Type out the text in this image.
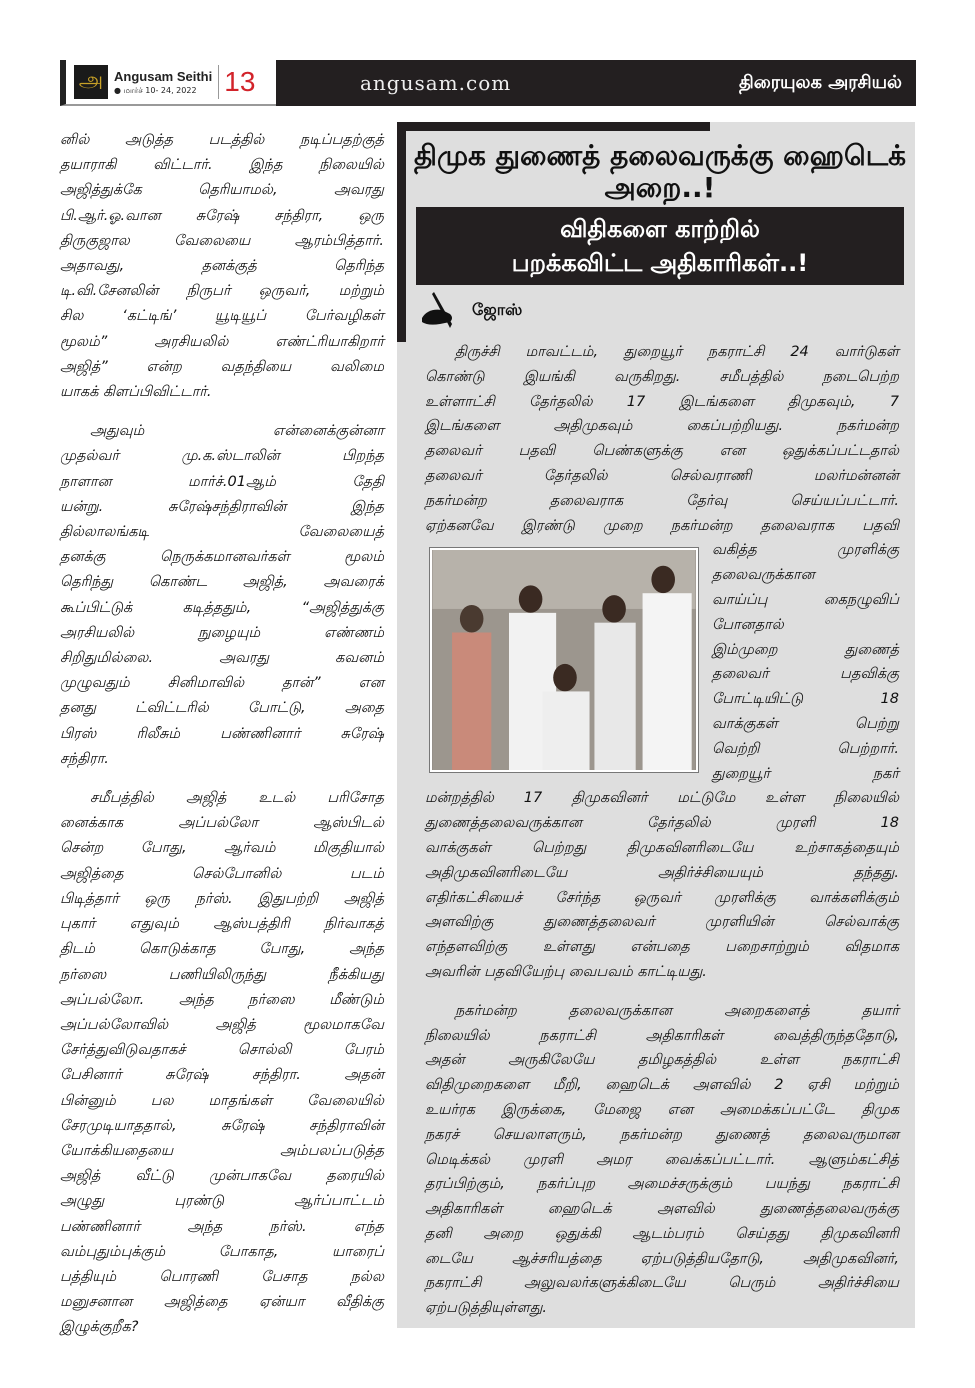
அ Angusam Seithi
● மார்ச் 10- 24, 2022 13	angusam.com	திரையுலக அரசியல்
னில் அடுத்த படத்தில் நடிப்பதற்குத்
தயாராகி விட்டார். இந்த நிலையில்
அஜித்துக்கே தெரியாமல், அவரது
பி.ஆர்.ஓ.வான சுரேஷ் சந்திரா, ஒரு
திருகுஜால வேலையை ஆரம்பித்தார்.
அதாவது, தனக்குத் தெரிந்த
டி.வி.சேனலின் நிருபர் ஒருவர், மற்றும்
சில ‘கட்டிங்’ யூடியூப் பேர்வழிகள்
மூலம்” அரசியலில் எண்ட்ரியாகிறார்
அஜித்” என்ற வதந்தியை வலிமை
யாகக் கிளப்பிவிட்டார்.
அதுவும் என்னைக்குன்னா
முதல்வர் மு.க.ஸ்டாலின் பிறந்த
நாளான மார்ச்.01ஆம் தேதி
யன்று. சுரேஷ்சந்திராவின் இந்த
தில்லாலங்கடி வேலையைத்
தனக்கு நெருக்கமானவர்கள் மூலம்
தெரிந்து கொண்ட அஜித், அவரைக்
கூப்பிட்டுக் கடித்ததும், “அஜித்துக்கு
அரசியலில் நுழையும் எண்ணம்
சிறிதுமில்லை. அவரது கவனம்
முழுவதும் சினிமாவில் தான்” என
தனது ட்விட்டரில் போட்டு, அதை
பிரஸ் ரிலீசும் பண்ணினார் சுரேஷ்
சந்திரா.
சமீபத்தில் அஜித் உடல் பரிசோத
னைக்காக அப்பல்லோ ஆஸ்பிடல்
சென்ற போது, ஆர்வம் மிகுதியால்
அஜித்தை செல்போனில் படம்
பிடித்தார் ஒரு நர்ஸ். இதுபற்றி அஜித்
புகார் எதுவும் ஆஸ்பத்திரி நிர்வாகத்
திடம் கொடுக்காத போது, அந்த
நர்ஸை பணியிலிருந்து நீக்கியது
அப்பல்லோ. அந்த நர்ஸை மீண்டும்
அப்பல்லோவில் அஜித் மூலமாகவே
சேர்த்துவிடுவதாகச் சொல்லி பேரம்
பேசினார் சுரேஷ் சந்திரா. அதன்
பின்னும் பல மாதங்கள் வேலையில்
சேரமுடியாததால், சுரேஷ் சந்திராவின்
யோக்கியதையை அம்பலப்படுத்த
அஜித் வீட்டு முன்பாகவே தரையில்
அழுது புரண்டு ஆர்ப்பாட்டம்
பண்ணினார் அந்த நர்ஸ். எந்த
வம்புதும்புக்கும் போகாத, யாரைப்
பத்தியும் பொரணி பேசாத நல்ல
மனுசனான அஜித்தை ஏன்யா வீதிக்கு
இழுக்குறீக?
திமுக துணைத் தலைவருக்கு ஹைடெக் அறை..!
விதிகளை காற்றில்
பறக்கவிட்ட அதிகாரிகள்..!
ஜோஸ்
திருச்சி மாவட்டம், துறையூர் நகராட்சி 24 வார்டுகள்
கொண்டு இயங்கி வருகிறது. சமீபத்தில் நடைபெற்ற
உள்ளாட்சி தேர்தலில் 17 இடங்களை திமுகவும், 7
இடங்களை அதிமுகவும் கைப்பற்றியது. நகர்மன்ற
தலைவர் பதவி பெண்களுக்கு என ஒதுக்கப்பட்டதால்
தலைவர் தேர்தலில் செல்வராணி மலர்மன்னன்
நகர்மன்ற தலைவராக தேர்வு செய்யப்பட்டார்.
ஏற்கனவே இரண்டு முறை நகர்மன்ற தலைவராக பதவி
வகித்த முரளிக்கு
தலைவருக்கான
வாய்ப்பு கைநழுவிப்
போனதால்
இம்முறை துணைத்
தலைவர் பதவிக்கு
போட்டியிட்டு 18
வாக்குகள் பெற்று
வெற்றி பெற்றார்.
துறையூர் நகர்
மன்றத்தில் 17 திமுகவினர் மட்டுமே உள்ள நிலையில்
துணைத்தலைவருக்கான தேர்தலில் முரளி 18
வாக்குகள் பெற்றது திமுகவினரிடையே உற்சாகத்தையும்
அதிமுகவினரிடையே அதிர்ச்சியையும் தந்தது.
எதிர்கட்சியைச் சேர்ந்த ஒருவர் முரளிக்கு வாக்களிக்கும்
அளவிற்கு துணைத்தலைவர் முரளியின் செல்வாக்கு
எந்தளவிற்கு உள்ளது என்பதை பறைசாற்றும் விதமாக
அவரின் பதவியேற்பு வைபவம் காட்டியது.
நகர்மன்ற தலைவருக்கான அறைகளைத் தயார்
நிலையில் நகராட்சி அதிகாரிகள் வைத்திருந்ததோடு,
அதன் அருகிலேயே தமிழகத்தில் உள்ள நகராட்சி
விதிமுறைகளை மீறி, ஹைடெக் அளவில் 2 ஏசி மற்றும்
உயர்ரக இருக்கை, மேஜை என அமைக்கப்பட்டே திமுக
நகரச் செயலாளரும், நகர்மன்ற துணைத் தலைவருமான
மெடிக்கல் முரளி அமர வைக்கப்பட்டார். ஆளும்கட்சித்
தரப்பிற்கும், நகர்ப்புற அமைச்சருக்கும் பயந்து நகராட்சி
அதிகாரிகள் ஹைடெக் அளவில் துணைத்தலைவருக்கு
தனி அறை ஒதுக்கி ஆடம்பரம் செய்தது திமுகவினரி
டையே ஆச்சரியத்தை ஏற்படுத்தியதோடு, அதிமுகவினர்,
நகராட்சி அலுவலர்களுக்கிடையே பெரும் அதிர்ச்சியை
ஏற்படுத்தியுள்ளது.
